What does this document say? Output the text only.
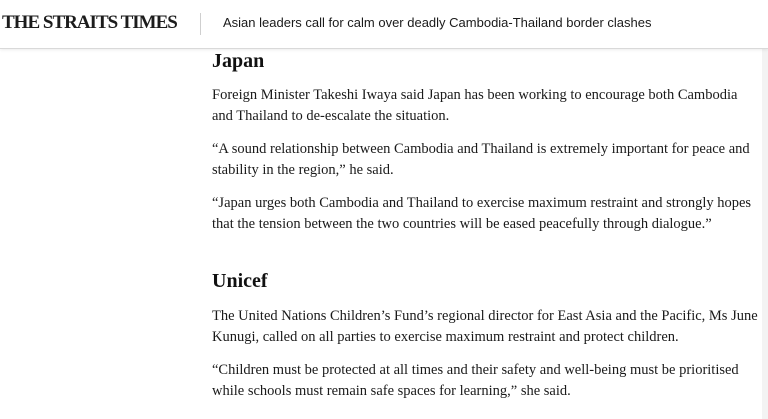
THE STRAITS TIMES	Asian leaders call for calm over deadly Cambodia-Thailand border clashes
Japan

Foreign Minister Takeshi Iwaya said Japan has been working to encourage both Cambodia and Thailand to de-escalate the situation.

“A sound relationship between Cambodia and Thailand is extremely important for peace and stability in the region,” he said.

“Japan urges both Cambodia and Thailand to exercise maximum restraint and strongly hopes that the tension between the two countries will be eased peacefully through dialogue.”

Unicef

The United Nations Children’s Fund’s regional director for East Asia and the Pacific, Ms June Kunugi, called on all parties to exercise maximum restraint and protect children.

“Children must be protected at all times and their safety and well-being must be prioritised while schools must remain safe spaces for learning,” she said.
